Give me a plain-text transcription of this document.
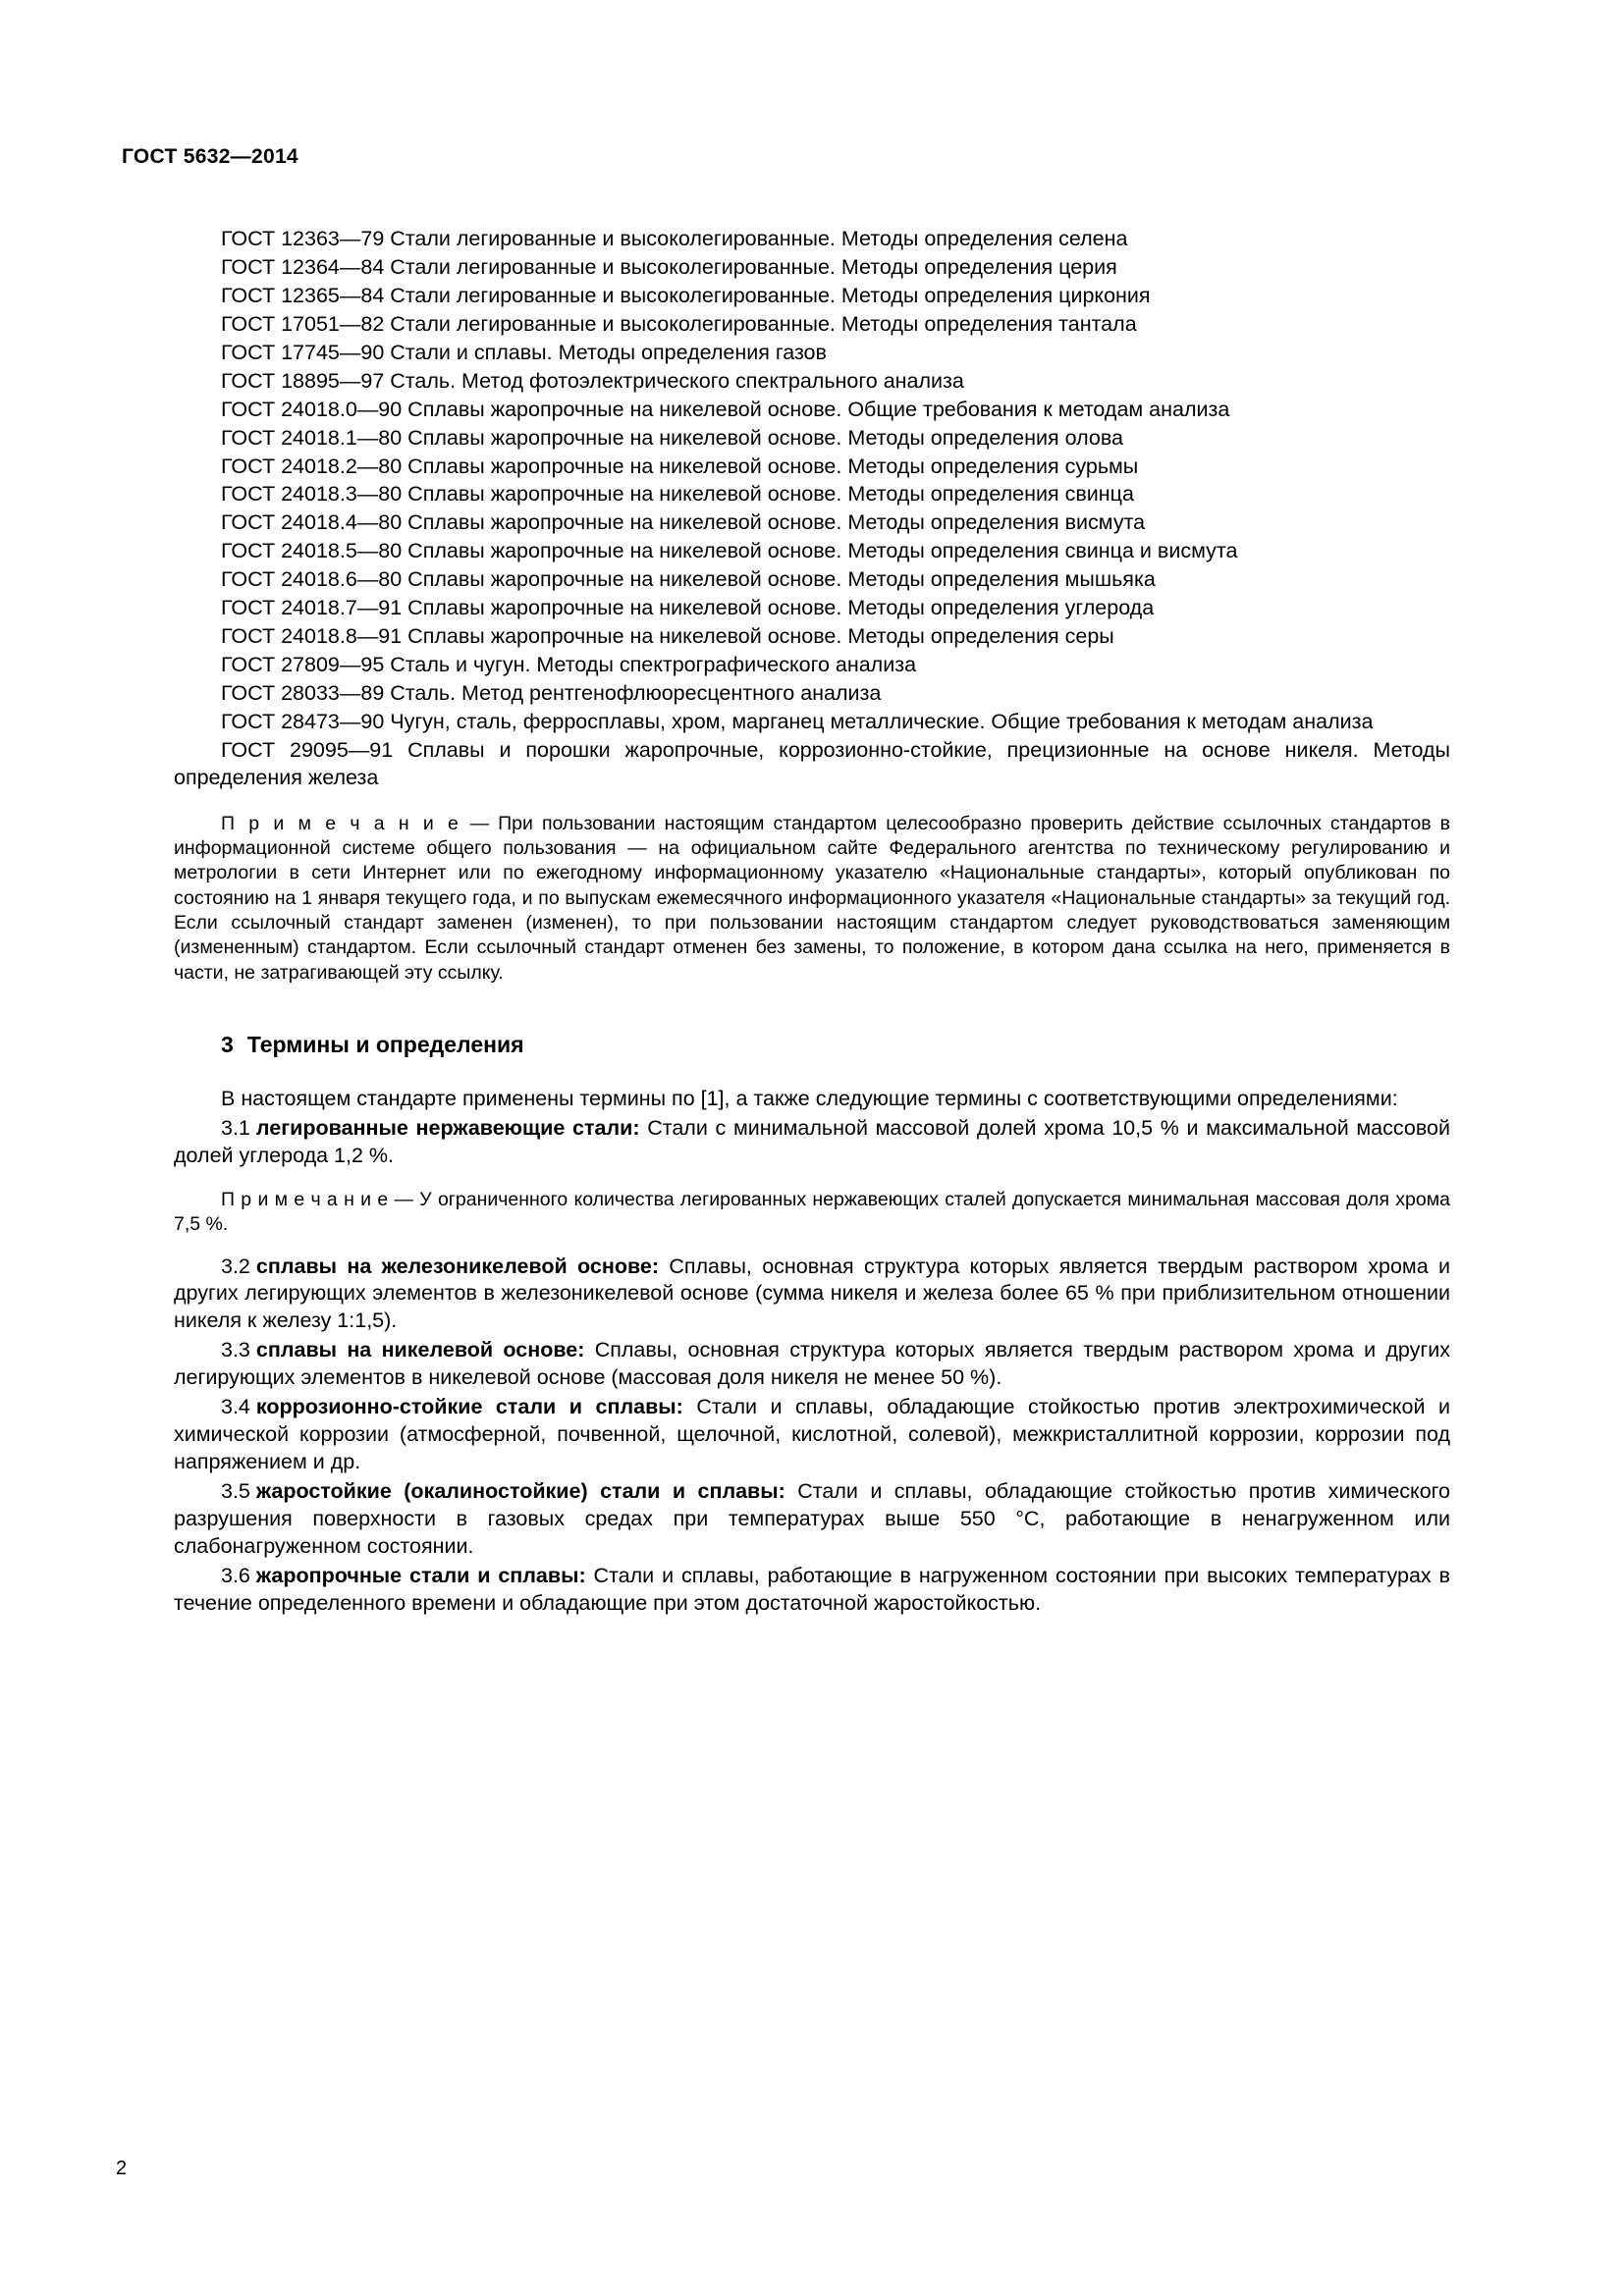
ГОСТ 5632—2014

ГОСТ 12363—79 Стали легированные и высоколегированные. Методы определения селена

ГОСТ 12364—84 Стали легированные и высоколегированные. Методы определения церия

ГОСТ 12365—84 Стали легированные и высоколегированные. Методы определения циркония

ГОСТ 17051—82 Стали легированные и высоколегированные. Методы определения тантала

ГОСТ 17745—90 Стали и сплавы. Методы определения газов

ГОСТ 18895—97 Сталь. Метод фотоэлектрического спектрального анализа

ГОСТ 24018.0—90 Сплавы жаропрочные на никелевой основе. Общие требования к методам анализа

ГОСТ 24018.1—80 Сплавы жаропрочные на никелевой основе. Методы определения олова

ГОСТ 24018.2—80 Сплавы жаропрочные на никелевой основе. Методы определения сурьмы

ГОСТ 24018.3—80 Сплавы жаропрочные на никелевой основе. Методы определения свинца

ГОСТ 24018.4—80 Сплавы жаропрочные на никелевой основе. Методы определения висмута

ГОСТ 24018.5—80 Сплавы жаропрочные на никелевой основе. Методы определения свинца и висмута

ГОСТ 24018.6—80 Сплавы жаропрочные на никелевой основе. Методы определения мышьяка

ГОСТ 24018.7—91 Сплавы жаропрочные на никелевой основе. Методы определения углерода

ГОСТ 24018.8—91 Сплавы жаропрочные на никелевой основе. Методы определения серы

ГОСТ 27809—95 Сталь и чугун. Методы спектрографического анализа

ГОСТ 28033—89 Сталь. Метод рентгенофлюоресцентного анализа

ГОСТ 28473—90 Чугун, сталь, ферросплавы, хром, марганец металлические. Общие требования к методам анализа

ГОСТ 29095—91 Сплавы и порошки жаропрочные, коррозионно-стойкие, прецизионные на основе никеля. Методы определения железа

П р и м е ч а н и е — При пользовании настоящим стандартом целесообразно проверить действие ссылочных стандартов в информационной системе общего пользования — на официальном сайте Федерального агентства по техническому регулированию и метрологии в сети Интернет или по ежегодному информационному указателю «Национальные стандарты», который опубликован по состоянию на 1 января текущего года, и по выпускам ежемесячного информационного указателя «Национальные стандарты» за текущий год. Если ссылочный стандарт заменен (изменен), то при пользовании настоящим стандартом следует руководствоваться заменяющим (измененным) стандартом. Если ссылочный стандарт отменен без замены, то положение, в котором дана ссылка на него, применяется в части, не затрагивающей эту ссылку.

3 Термины и определения

В настоящем стандарте применены термины по [1], а также следующие термины с соответствующими определениями:

3.1 легированные нержавеющие стали: Стали с минимальной массовой долей хрома 10,5 % и максимальной массовой долей углерода 1,2 %.

П р и м е ч а н и е — У ограниченного количества легированных нержавеющих сталей допускается минимальная массовая доля хрома 7,5 %.

3.2 сплавы на железоникелевой основе: Сплавы, основная структура которых является твердым раствором хрома и других легирующих элементов в железоникелевой основе (сумма никеля и железа более 65 % при приблизительном отношении никеля к железу 1:1,5).

3.3 сплавы на никелевой основе: Сплавы, основная структура которых является твердым раствором хрома и других легирующих элементов в никелевой основе (массовая доля никеля не менее 50 %).

3.4 коррозионно-стойкие стали и сплавы: Стали и сплавы, обладающие стойкостью против электрохимической и химической коррозии (атмосферной, почвенной, щелочной, кислотной, солевой), межкристаллитной коррозии, коррозии под напряжением и др.

3.5 жаростойкие (окалиностойкие) стали и сплавы: Стали и сплавы, обладающие стойкостью против химического разрушения поверхности в газовых средах при температурах выше 550 °C, работающие в ненагруженном или слабонагруженном состоянии.

3.6 жаропрочные стали и сплавы: Стали и сплавы, работающие в нагруженном состоянии при высоких температурах в течение определенного времени и обладающие при этом достаточной жаростойкостью.

2
